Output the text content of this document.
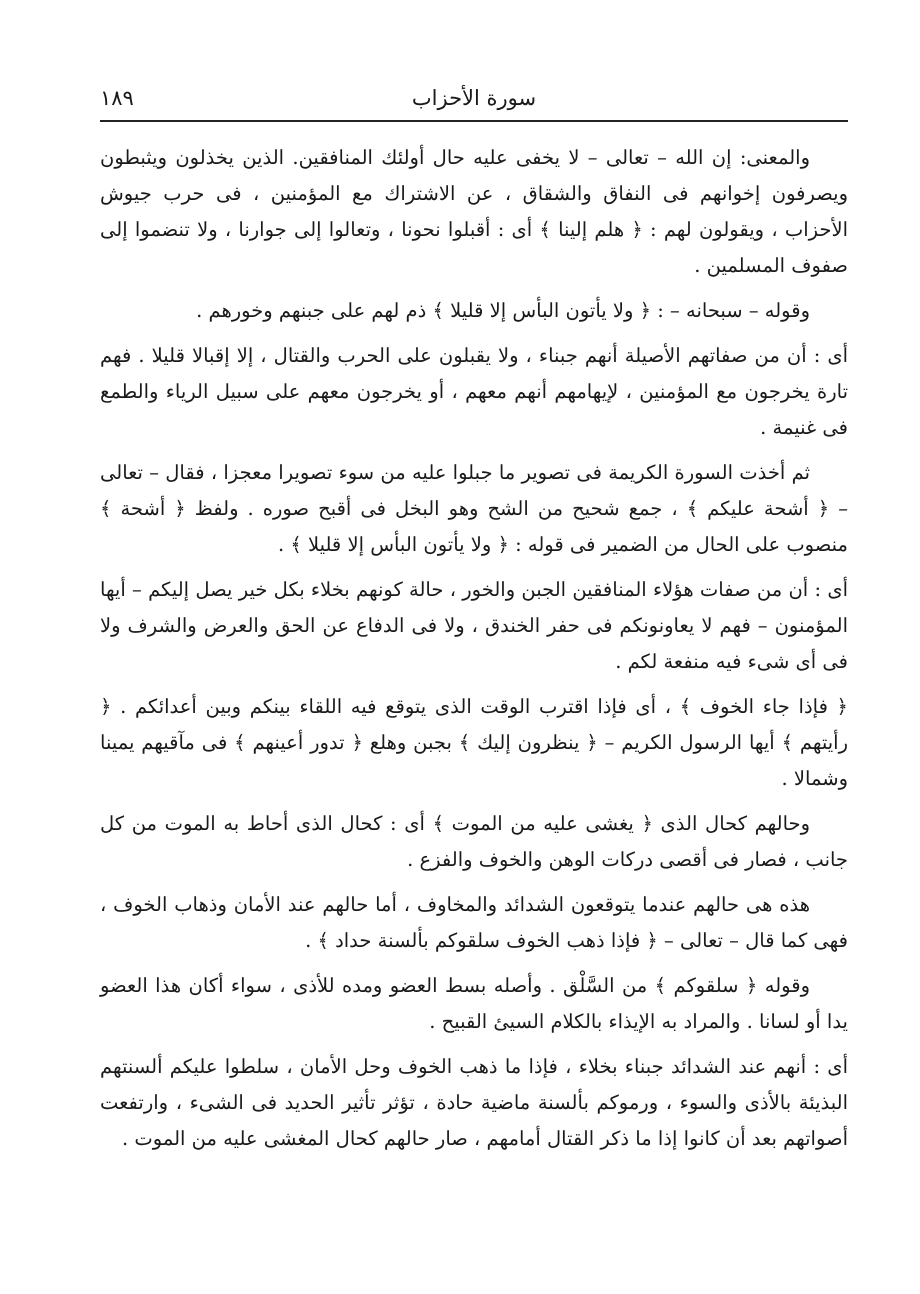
سورة الأحزاب
١٨٩

والمعنى: إن الله – تعالى – لا يخفى عليه حال أولئك المنافقين. الذين يخذلون ويثبطون ويصرفون إخوانهم فى النفاق والشقاق ، عن الاشتراك مع المؤمنين ، فى حرب جيوش الأحزاب ، ويقولون لهم : ﴿ هلم إلينا ﴾ أى : أقبلوا نحونا ، وتعالوا إلى جوارنا ، ولا تنضموا إلى صفوف المسلمين .

وقوله – سبحانه – : ﴿ ولا يأتون البأس إلا قليلا ﴾ ذم لهم على جبنهم وخورهم .

أى : أن من صفاتهم الأصيلة أنهم جبناء ، ولا يقبلون على الحرب والقتال ، إلا إقبالا قليلا . فهم تارة يخرجون مع المؤمنين ، لإيهامهم أنهم معهم ، أو يخرجون معهم على سبيل الرياء والطمع فى غنيمة .

ثم أخذت السورة الكريمة فى تصوير ما جبلوا عليه من سوء تصويرا معجزا ، فقال – تعالى – ﴿ أشحة عليكم ﴾ ، جمع شحيح من الشح وهو البخل فى أقبح صوره . ولفظ ﴿ أشحة ﴾ منصوب على الحال من الضمير فى قوله : ﴿ ولا يأتون البأس إلا قليلا ﴾ .

أى : أن من صفات هؤلاء المنافقين الجبن والخور ، حالة كونهم بخلاء بكل خير يصل إليكم – أيها المؤمنون – فهم لا يعاونونكم فى حفر الخندق ، ولا فى الدفاع عن الحق والعرض والشرف ولا فى أى شىء فيه منفعة لكم .

﴿ فإذا جاء الخوف ﴾ ، أى فإذا اقترب الوقت الذى يتوقع فيه اللقاء بينكم وبين أعدائكم . ﴿ رأيتهم ﴾ أيها الرسول الكريم – ﴿ ينظرون إليك ﴾ بجبن وهلع ﴿ تدور أعينهم ﴾ فى مآقيهم يمينا وشمالا .

وحالهم كحال الذى ﴿ يغشى عليه من الموت ﴾ أى : كحال الذى أحاط به الموت من كل جانب ، فصار فى أقصى دركات الوهن والخوف والفزع .

هذه هى حالهم عندما يتوقعون الشدائد والمخاوف ، أما حالهم عند الأمان وذهاب الخوف ، فهى كما قال – تعالى – ﴿ فإذا ذهب الخوف سلقوكم بألسنة حداد ﴾ .

وقوله ﴿ سلقوكم ﴾ من السَّلْق . وأصله بسط العضو ومده للأذى ، سواء أكان هذا العضو يدا أو لسانا . والمراد به الإيذاء بالكلام السيئ القبيح .

أى : أنهم عند الشدائد جبناء بخلاء ، فإذا ما ذهب الخوف وحل الأمان ، سلطوا عليكم ألسنتهم البذيئة بالأذى والسوء ، ورموكم بألسنة ماضية حادة ، تؤثر تأثير الحديد فى الشىء ، وارتفعت أصواتهم بعد أن كانوا إذا ما ذكر القتال أمامهم ، صار حالهم كحال المغشى عليه من الموت .
